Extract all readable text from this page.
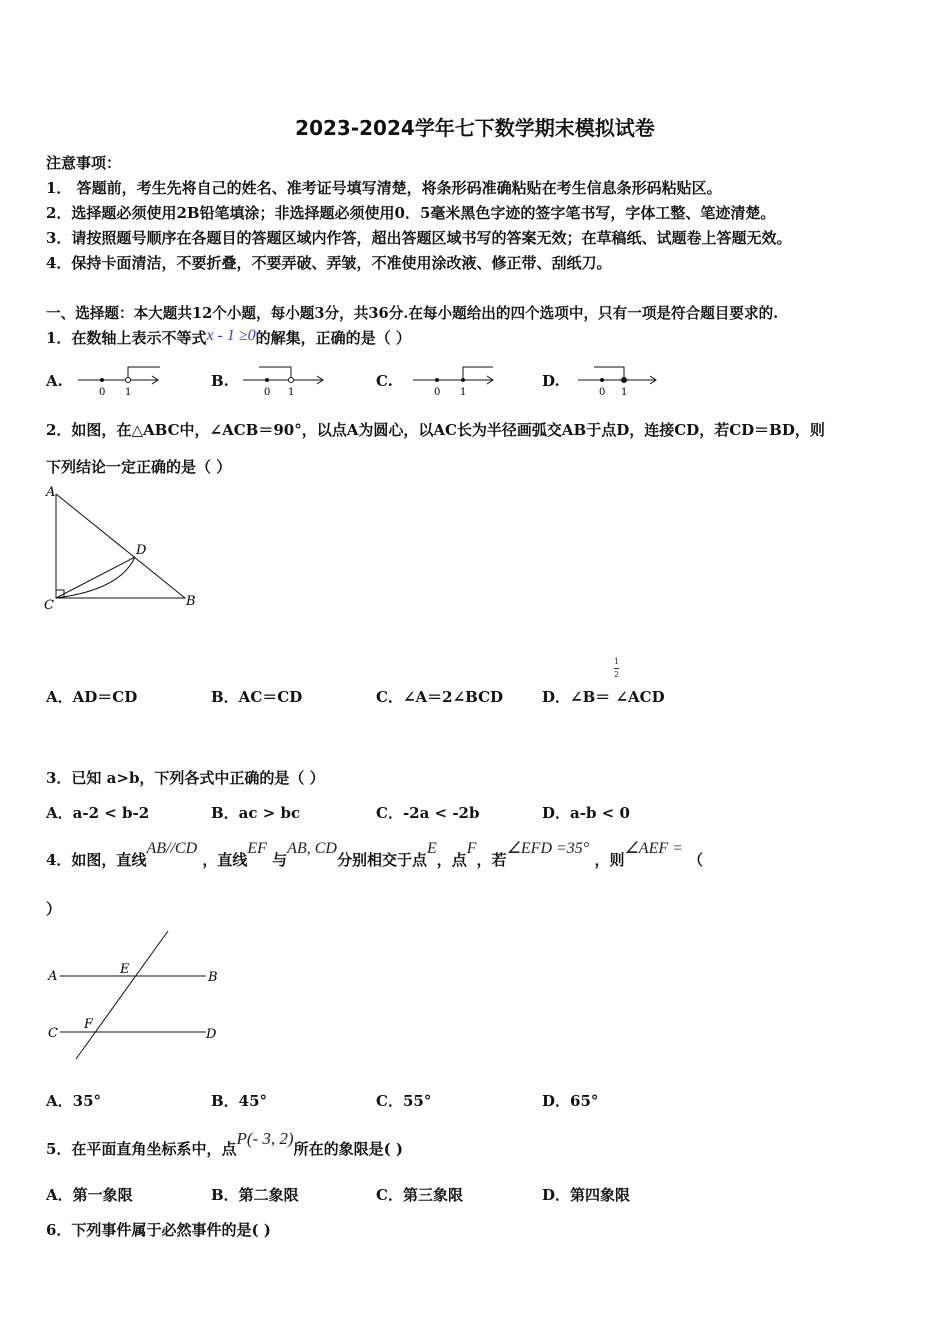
2023-2024学年七下数学期末模拟试卷
注意事项：
1． 答题前，考生先将自己的姓名、准考证号填写清楚，将条形码准确粘贴在考生信息条形码粘贴区。
2．选择题必须使用2B铅笔填涂；非选择题必须使用0．5毫米黑色字迹的签字笔书写，字体工整、笔迹清楚。
3．请按照题号顺序在各题目的答题区域内作答，超出答题区域书写的答案无效；在草稿纸、试题卷上答题无效。
4．保持卡面清洁，不要折叠，不要弄破、弄皱，不准使用涂改液、修正带、刮纸刀。
一、选择题：本大题共12个小题，每小题3分，共36分.在每小题给出的四个选项中，只有一项是符合题目要求的.
1．在数轴上表示不等式x - 1 ≥0的解集，正确的是（ ）
A.	B.	C.	D.
0 1	0 1	0 1	0 1
2．如图，在△ABC中，∠ACB＝90°，以点A为圆心，以AC长为半径画弧交AB于点D，连接CD，若CD＝BD，则
下列结论一定正确的是（ ）
A
D
C	B
A．AD＝CD	B．AC＝CD	C．∠A＝2∠BCD	D．∠B＝ ∠ACD
$\frac{1}{2}$
3．已知 a>b，下列各式中正确的是（ ）
A．a-2 < b-2	B．ac > bc	C．-2a < -2b	D．a-b < 0
4．如图，直线AB//CD ，直线EF 与AB, CD分别相交于点E，点F，若∠EFD =35° ，则∠AEF = （
）
A	E
B
C
F
D
A．35°	B．45°	C．55°	D．65°
5．在平面直角坐标系中，点P(- 3, 2)所在的象限是( )
A．第一象限	B．第二象限	C．第三象限	D．第四象限
6．下列事件属于必然事件的是( )
